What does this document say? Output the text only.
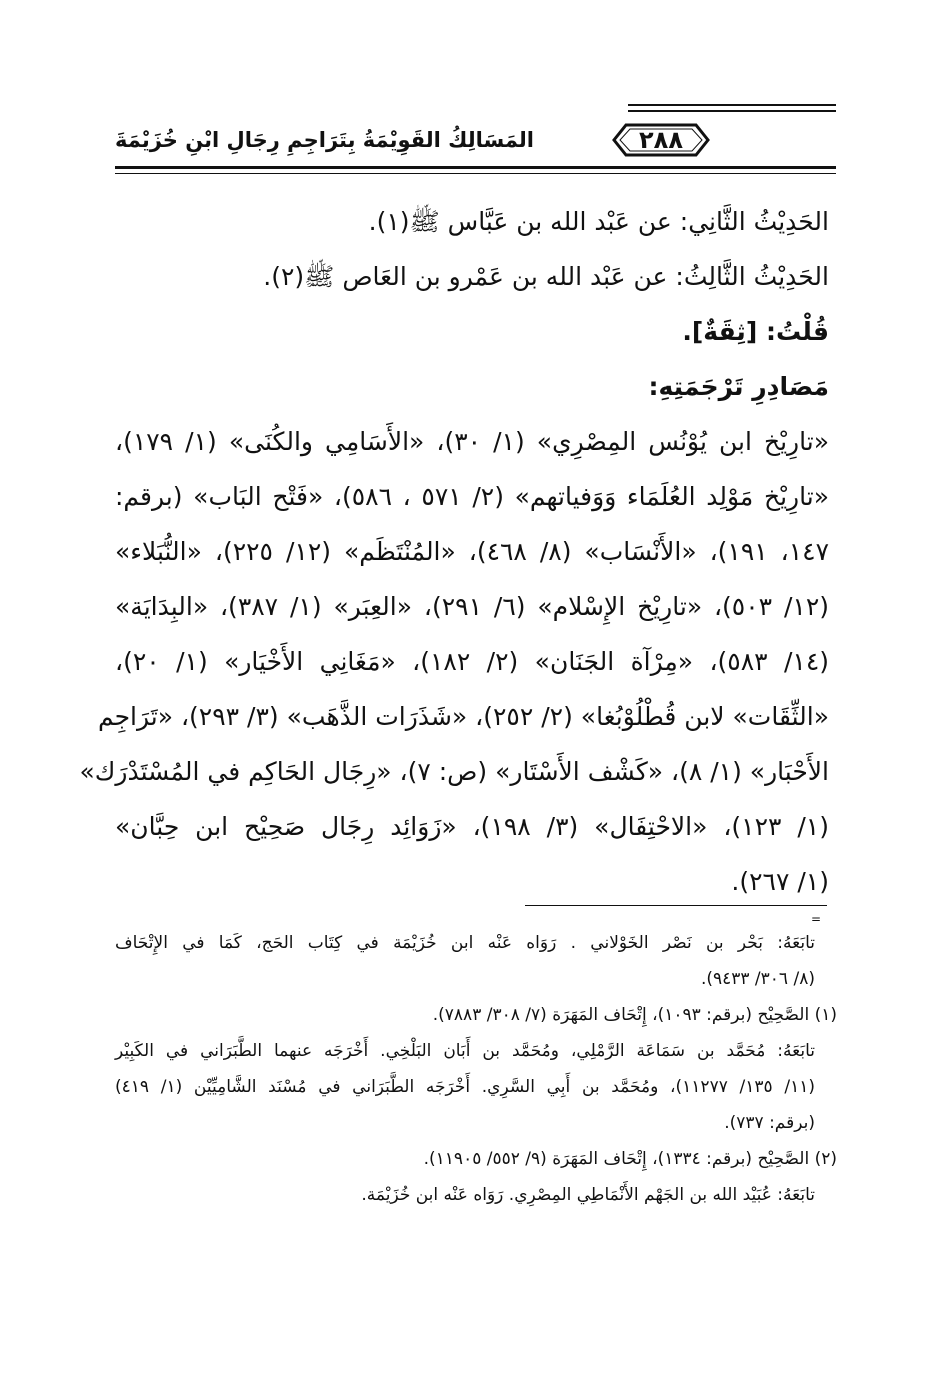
٢٨٨
المَسَالِكُ القَوِيْمَةُ بِتَرَاجِمِ رِجَالِ ابْنِ خُزَيْمَةَ
الحَدِيْثُ الثَّانِي: عن عَبْد الله بن عَبَّاس ﷺ(١).
الحَدِيْثُ الثَّالِثُ: عن عَبْد الله بن عَمْرو بن العَاص ﷺ(٢).
قُلْتُ: [ثِقَةٌ].
مَصَادِرِ تَرْجَمَتِهِ:
«تارِيْخ ابن يُوْنُس المِصْرِي» (١/ ٣٠)، «الأَسَامِي والكُنَى» (١/ ١٧٩)،
«تارِيْخ مَوْلِد العُلَمَاء وَوَفياتهم» (٢/ ٥٧١ ، ٥٨٦)، «فَتْح البَاب» (برقم:
١٤٧، ١٩١)، «الأَنْسَاب» (٨/ ٤٦٨)، «المُنْتَظَم» (١٢/ ٢٢٥)، «النُّبَلاء»
(١٢/ ٥٠٣)، «تارِيْخ الإِسْلام» (٦/ ٢٩١)، «العِبَر» (١/ ٣٨٧)، «البِدَايَة»
(١٤/ ٥٨٣)، «مِرْآة الجَنَان» (٢/ ١٨٢)، «مَغَانِي الأَخْيَار» (١/ ٢٠)،
«الثِّقَات» لابن قُطْلُوْبُغا» (٢/ ٢٥٢)، «شَذَرَات الذَّهَب» (٣/ ٢٩٣)، «تَرَاجِم
الأَحْبَار» (١/ ٨)، «كَشْف الأَسْتَار» (ص: ٧)، «رِجَال الحَاكِم في المُسْتَدْرَك»
(١/ ١٢٣)، «الاحْتِفَال» (٣/ ١٩٨)، «زَوَائِد رِجَال صَحِيْح ابن حِبَّان»
(١/ ٢٦٧).
=
تابَعَهُ: بَحْر بن نَصْر الخَوْلاني . رَوَاه عَنْه ابن خُزَيْمَة في كِتَاب الحَج، كَمَا في الإِتْحَاف
(٨/ ٣٠٦/ ٩٤٣٣).
(١) الصَّحِيْح (برقم: ١٠٩٣)، إِتْحَاف المَهَرَة (٧/ ٣٠٨/ ٧٨٨٣).
تابَعَهُ: مُحَمَّد بن سَمَاعَة الرَّمْلِي، ومُحَمَّد بن أَبَان البَلْخِي. أَخْرَجَه عنهما الطَّبَرَاني في الكَبِيْر
(١١/ ١٣٥/ ١١٢٧٧)، ومُحَمَّد بن أَبِي السَّرِي. أَخْرَجَه الطَّبَرَاني في مُسْنَد الشَّامِيِّيْن (١/ ٤١٩)
(برقم: ٧٣٧).
(٢) الصَّحِيْح (برقم: ١٣٣٤)، إِتْحَاف المَهَرَة (٩/ ٥٥٢/ ١١٩٠٥).
تابَعَهُ: عُبَيْد الله بن الجَهْم الأَنْمَاطِي المِصْرِي. رَوَاه عَنْه ابن خُزَيْمَة.
